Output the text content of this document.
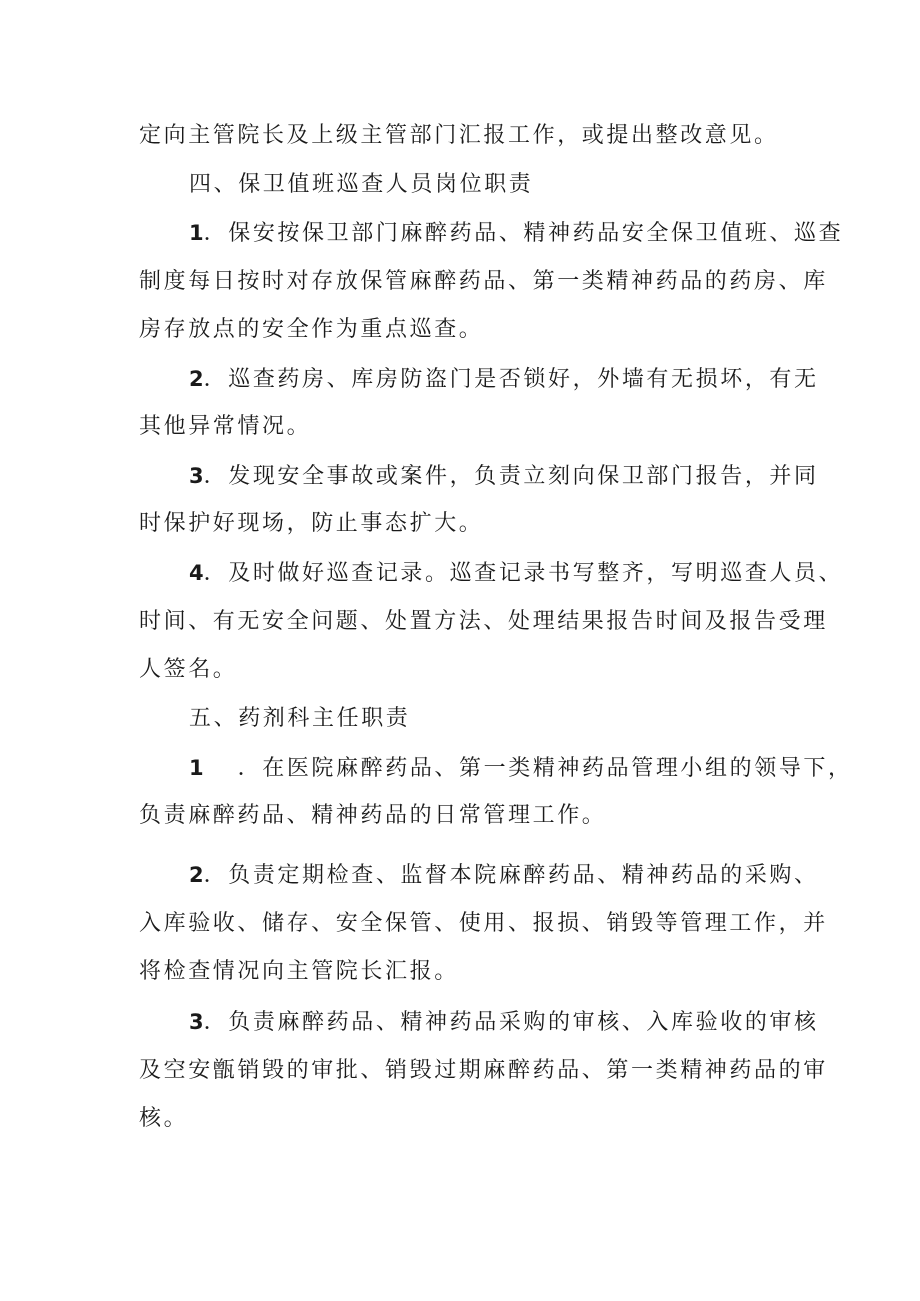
定向主管院长及上级主管部门汇报工作，或提出整改意见。
四、保卫值班巡查人员岗位职责
1．保安按保卫部门麻醉药品、精神药品安全保卫值班、巡查
制度每日按时对存放保管麻醉药品、第一类精神药品的药房、库
房存放点的安全作为重点巡查。
2．巡查药房、库房防盗门是否锁好，外墙有无损坏，有无
其他异常情况。
3．发现安全事故或案件，负责立刻向保卫部门报告，并同
时保护好现场，防止事态扩大。
4．及时做好巡查记录。巡查记录书写整齐，写明巡查人员、
时间、有无安全问题、处置方法、处理结果报告时间及报告受理
人签名。
五、药剂科主任职责
1 ．在医院麻醉药品、第一类精神药品管理小组的领导下，
负责麻醉药品、精神药品的日常管理工作。
2．负责定期检查、监督本院麻醉药品、精神药品的采购、
入库验收、储存、安全保管、使用、报损、销毁等管理工作，并
将检查情况向主管院长汇报。
3．负责麻醉药品、精神药品采购的审核、入库验收的审核
及空安甑销毁的审批、销毁过期麻醉药品、第一类精神药品的审
核。
